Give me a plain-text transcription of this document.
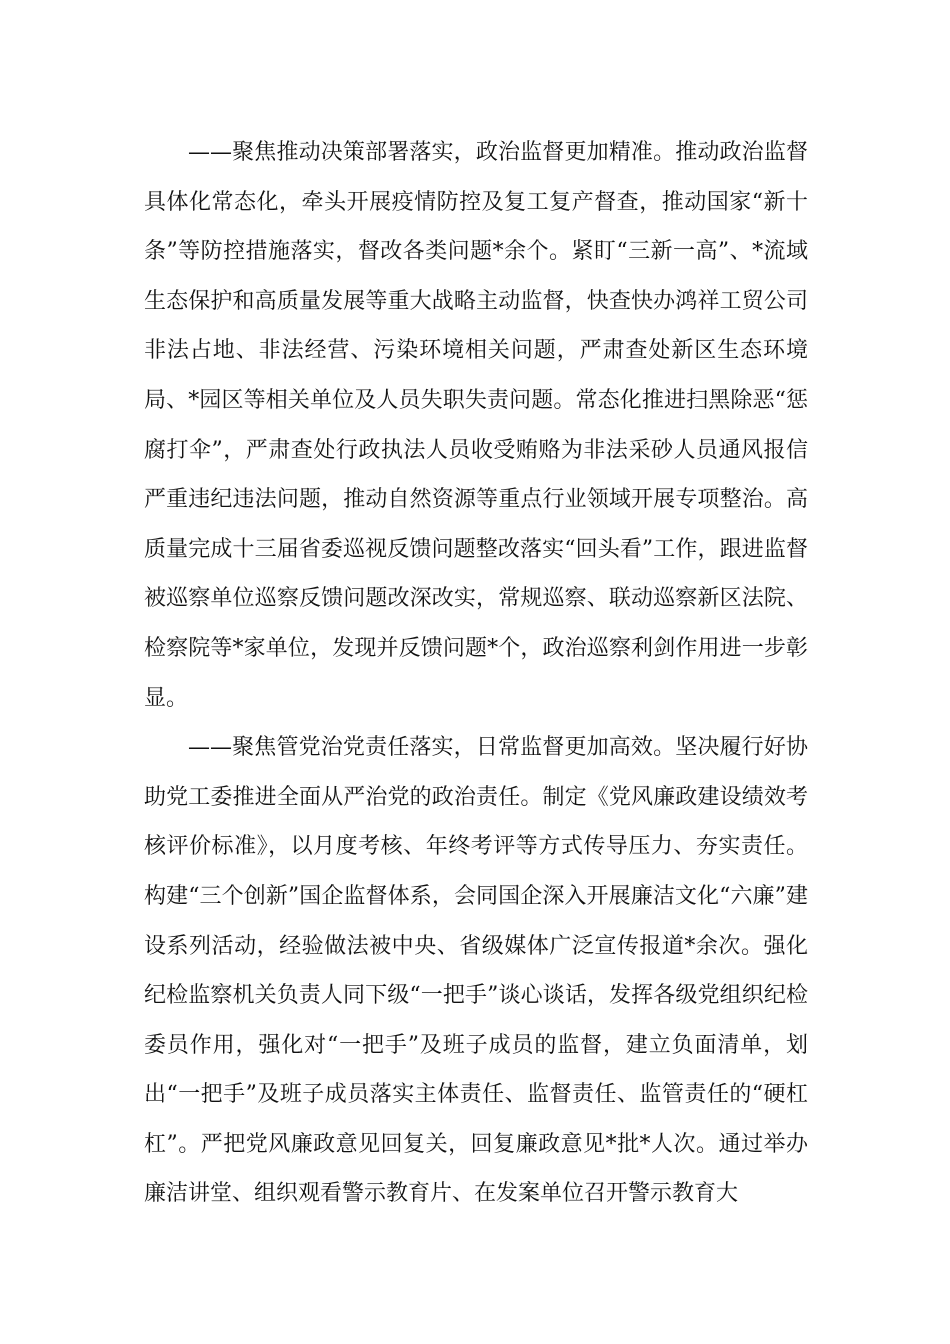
——聚焦推动决策部署落实，政治监督更加精准。推动政治监督具体化常态化，牵头开展疫情防控及复工复产督查，推动国家“新十条”等防控措施落实，督改各类问题*余个。紧盯“三新一高”、*流域生态保护和高质量发展等重大战略主动监督，快查快办鸿祥工贸公司非法占地、非法经营、污染环境相关问题，严肃查处新区生态环境局、*园区等相关单位及人员失职失责问题。常态化推进扫黑除恶“惩腐打伞”，严肃查处行政执法人员收受贿赂为非法采砂人员通风报信严重违纪违法问题，推动自然资源等重点行业领域开展专项整治。高质量完成十三届省委巡视反馈问题整改落实“回头看”工作，跟进监督被巡察单位巡察反馈问题改深改实，常规巡察、联动巡察新区法院、检察院等*家单位，发现并反馈问题*个，政治巡察利剑作用进一步彰显。

——聚焦管党治党责任落实，日常监督更加高效。坚决履行好协助党工委推进全面从严治党的政治责任。制定《党风廉政建设绩效考核评价标准》，以月度考核、年终考评等方式传导压力、夯实责任。构建“三个创新”国企监督体系，会同国企深入开展廉洁文化“六廉”建设系列活动，经验做法被中央、省级媒体广泛宣传报道*余次。强化纪检监察机关负责人同下级“一把手”谈心谈话，发挥各级党组织纪检委员作用，强化对“一把手”及班子成员的监督，建立负面清单，划出“一把手”及班子成员落实主体责任、监督责任、监管责任的“硬杠杠”。严把党风廉政意见回复关，回复廉政意见*批*人次。通过举办廉洁讲堂、组织观看警示教育片、在发案单位召开警示教育大
